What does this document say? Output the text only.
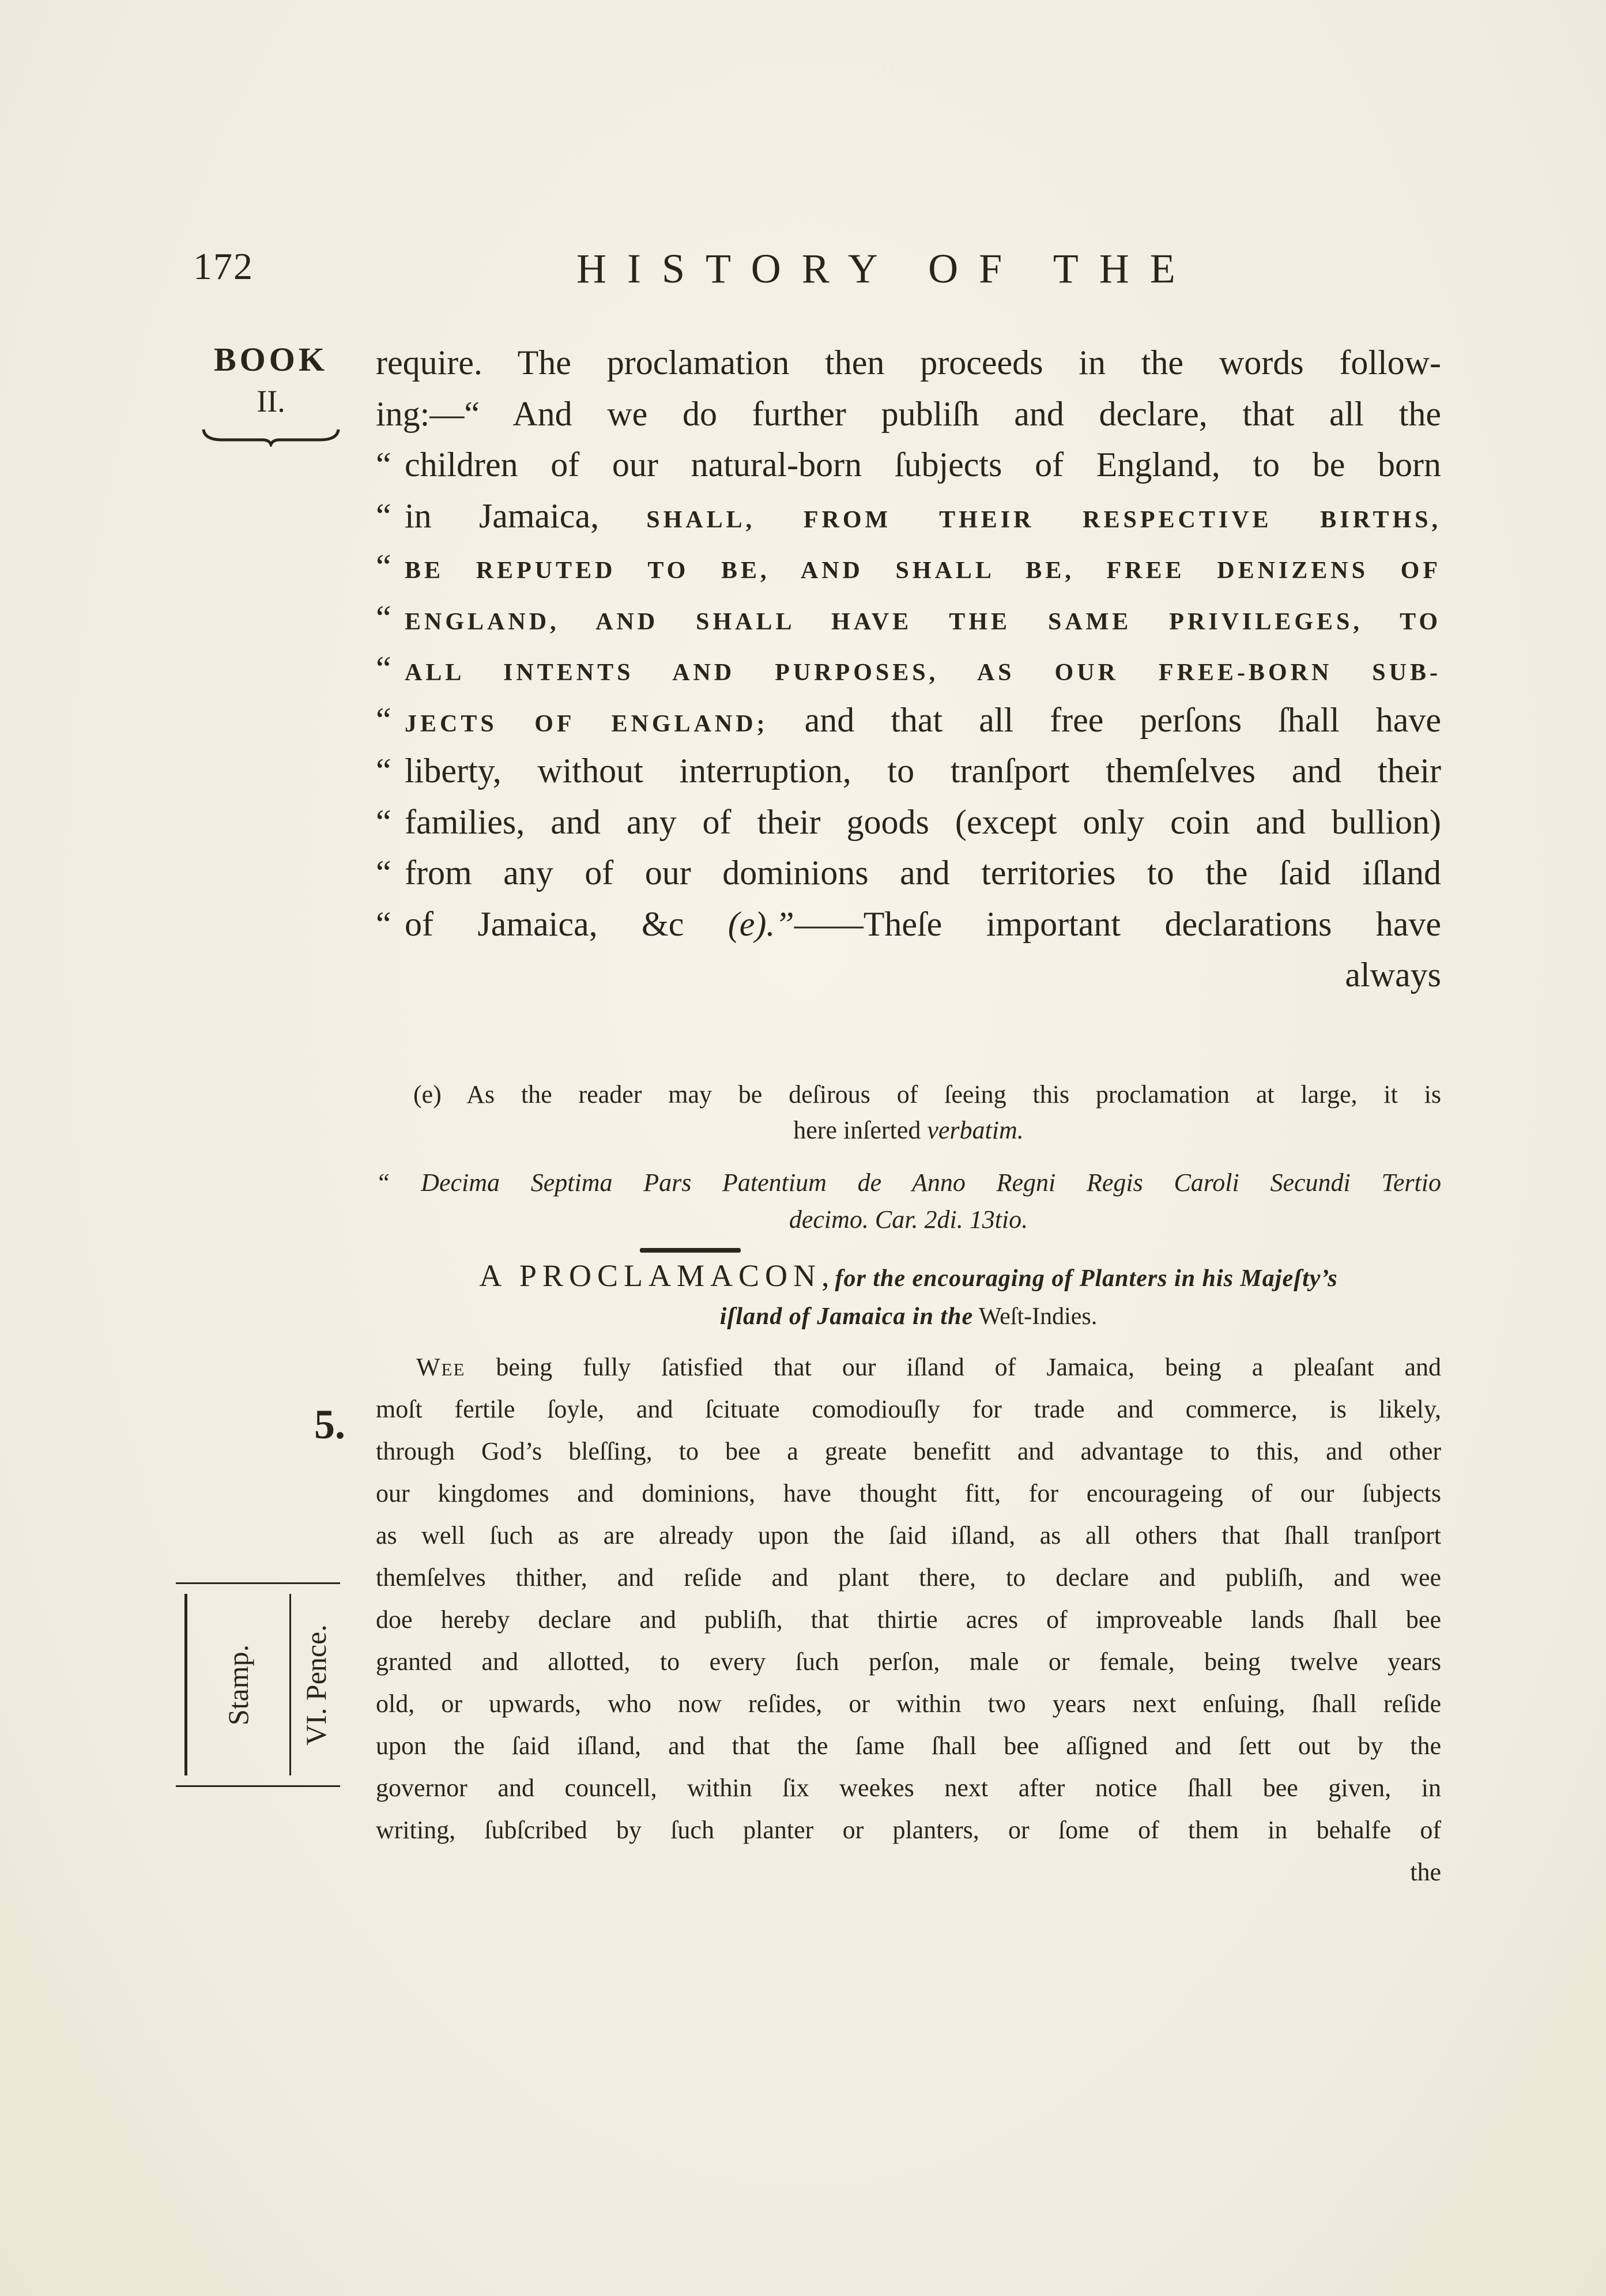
172	HISTORY OF THE
BOOK
II.
require. The proclamation then proceeds in the words follow-
ing:—“ And we do further publiſh and declare, that all the
“ children of our natural-born ſubjects of England, to be born
“ in Jamaica, SHALL, FROM THEIR RESPECTIVE BIRTHS,
“ BE REPUTED TO BE, AND SHALL BE, FREE DENIZENS OF
“ ENGLAND, AND SHALL HAVE THE SAME PRIVILEGES, TO
“ ALL INTENTS AND PURPOSES, AS OUR FREE-BORN SUB-
“ JECTS OF ENGLAND; and that all free perſons ſhall have
“ liberty, without interruption, to tranſport themſelves and their
“ families, and any of their goods (except only coin and bullion)
“ from any of our dominions and territories to the ſaid iſland
“ of Jamaica, &c (e).”——Theſe important declarations have
always
(e) As the reader may be deſirous of ſeeing this proclamation at large, it is
here inſerted verbatim.
“ Decima Septima Pars Patentium de Anno Regni Regis Caroli Secundi Tertio
decimo. Car. 2di. 13tio.
A PROCLAMACON,for the encouraging of Planters in his Majeſty’s
iſland of Jamaica in the Weſt-Indies.
Wee being fully ſatisfied that our iſland of Jamaica, being a pleaſant and
moſt fertile ſoyle, and ſcituate comodiouſly for trade and commerce, is likely,
through God’s bleſſing, to bee a greate benefitt and advantage to this, and other
our kingdomes and dominions, have thought fitt, for encourageing of our ſubjects
as well ſuch as are already upon the ſaid iſland, as all others that ſhall tranſport
themſelves thither, and reſide and plant there, to declare and publiſh, and wee
doe hereby declare and publiſh, that thirtie acres of improveable lands ſhall bee
granted and allotted, to every ſuch perſon, male or female, being twelve years
old, or upwards, who now reſides, or within two years next enſuing, ſhall reſide
upon the ſaid iſland, and that the ſame ſhall bee aſſigned and ſett out by the
governor and councell, within ſix weekes next after notice ſhall bee given, in
writing, ſubſcribed by ſuch planter or planters, or ſome of them in behalfe of
the
5.
Stamp. VI. Pence.
